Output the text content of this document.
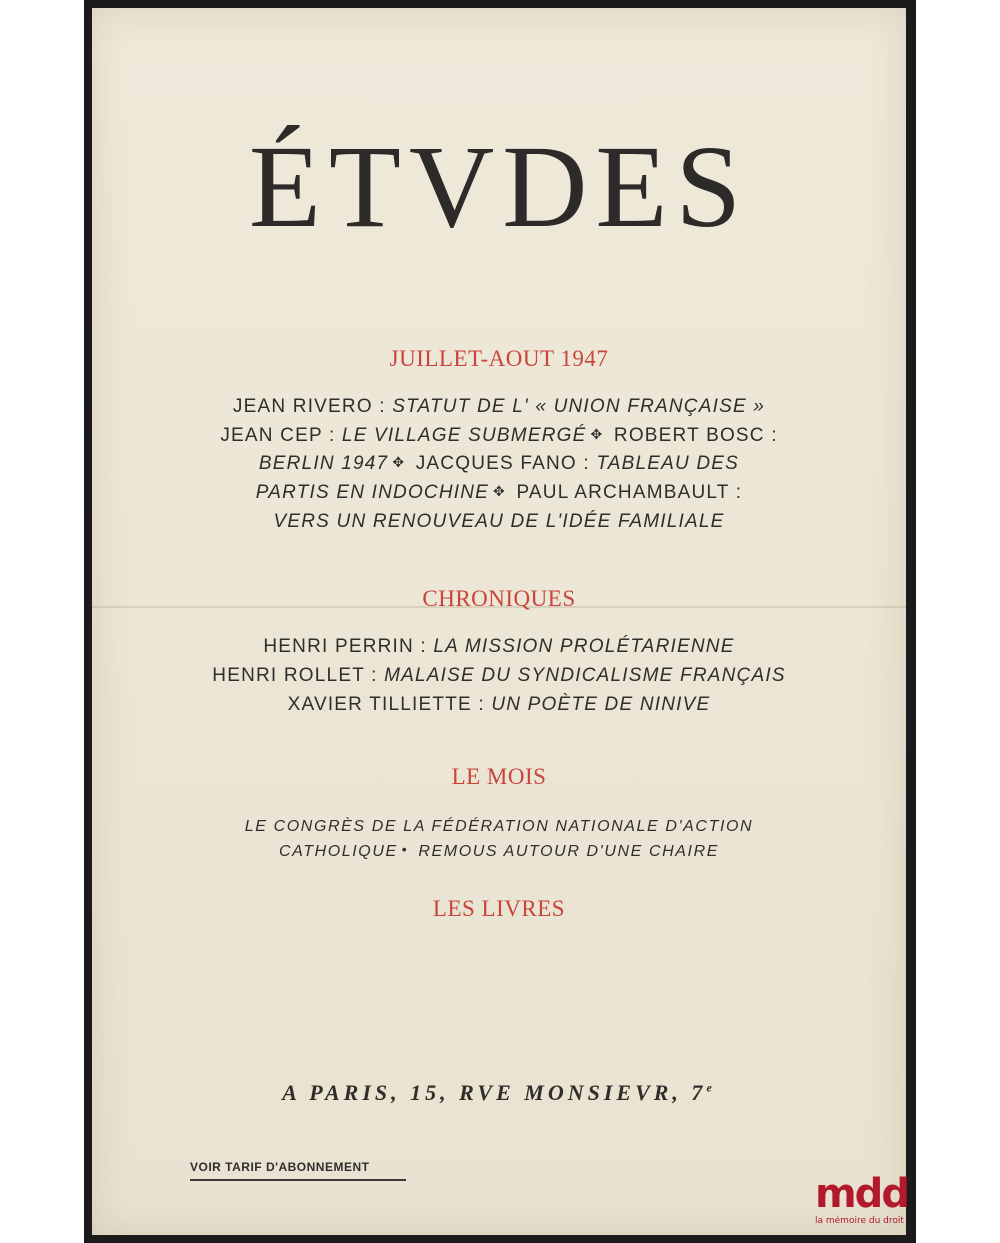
ÉTVDES
JUILLET-AOUT 1947
JEAN RIVERO : STATUT DE L' « UNION FRANÇAISE »
JEAN CEP : LE VILLAGE SUBMERGÉ ✥ ROBERT BOSC :
BERLIN 1947 ✥ JACQUES FANO : TABLEAU DES
PARTIS EN INDOCHINE ✥ PAUL ARCHAMBAULT :
VERS UN RENOUVEAU DE L'IDÉE FAMILIALE
CHRONIQUES
HENRI PERRIN : LA MISSION PROLÉTARIENNE
HENRI ROLLET : MALAISE DU SYNDICALISME FRANÇAIS
XAVIER TILLIETTE : UN POÈTE DE NINIVE
LE MOIS
LE CONGRÈS DE LA FÉDÉRATION NATIONALE D'ACTION
CATHOLIQUE • REMOUS AUTOUR D'UNE CHAIRE
LES LIVRES
A PARIS, 15, RVE MONSIEVR, 7e
VOIR TARIF D'ABONNEMENT
mdd
la mémoire du droit
